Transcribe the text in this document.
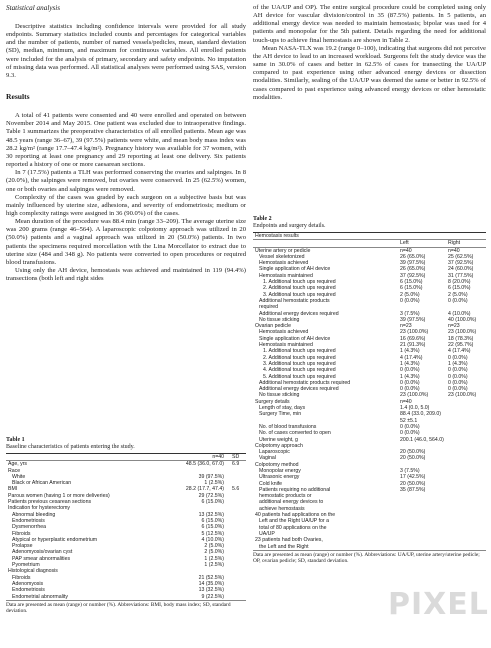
Statistical analysis

Descriptive statistics including confidence intervals were provided for all study endpoints. Summary statistics included counts and percentages for categorical variables and the number of patients, number of named vessels/pedicles, mean, standard deviation (SD), median, minimum, and maximum for continuous variables. All enrolled patients were included for the analysis of primary, secondary and safety endpoints. No imputation of missing data was performed. All statistical analyses were performed using SAS, version 9.3.

Results

A total of 41 patients were consented and 40 were enrolled and operated on between November 2014 and May 2015. One patient was excluded due to intraoperative findings. Table 1 summarizes the preoperative characteristics of all enrolled patients. Mean age was 48.5 years (range 36–67), 39 (97.5%) patients were white, and mean body mass index was 28.2 kg/m² (range 17.7–47.4 kg/m²). Pregnancy history was available for 37 women, with 30 reporting at least one pregnancy and 29 reporting at least one delivery. Six patients reported a history of one or more caesarean sections.

In 7 (17.5%) patients a TLH was performed conserving the ovaries and salpinges. In 8 (20.0%), the salpinges were removed, but ovaries were conserved. In 25 (62.5%) women, one or both ovaries and salpinges were removed.

Complexity of the cases was graded by each surgeon on a subjective basis but was mainly influenced by uterine size, adhesions, and severity of endometriosis; medium or high complexity ratings were assigned in 36 (90.0%) of the cases.

Mean duration of the procedure was 88.4 min (range 33–209). The average uterine size was 200 grams (range 46–564). A laparoscopic colpotomy approach was utilized in 20 (50.0%) patients and a vaginal approach was utilized in 20 (50.0%) patients. In two patients the specimens required morcellation with the Lina Morcellator to extract due to uterine size (484 and 348 g). No patients were converted to open procedures or required blood transfusions.

Using only the AH device, hemostasis was achieved and maintained in 119 (94.4%) transections (both left and right sides

of the UA/UP and OP). The entire surgical procedure could be completed using only AH device for vascular division/control in 35 (87.5%) patients. In 5 patients, an additional energy device was needed to maintain hemostasis; bipolar was used for 4 patients and monopolar for the 5th patient. Details regarding the need for additional touch-ups to achieve final hemostasis are shown in Table 2.

Mean NASA-TLX was 19.2 (range 0–100), indicating that surgeons did not perceive the AH device to lead to an increased workload. Surgeons felt the study device was the same in 30.0% of cases and better in 62.5% of cases for transecting the UA/UP compared to past experience using other advanced energy devices or dissection modalities. Similarly, sealing of the UA/UP was deemed the same or better in 92.5% of cases compared to past experience using advanced energy devices or other hemostatic modalities.

Table 1
Baseline characteristics of patients entering the study.

	n=40	SD
Age, yrs	48.5 (36.0, 67.0)	6.9
Race		
White	39 (97.5%)	
Black or African American	1 (2.5%)	
BMI	28.2 (17.7, 47.4)	5.6
Parous women (having 1 or more deliveries)	29 (72.5%)	
Patients previous cesarean sections	6 (15.0%)	
Indication for hysterectomy		
Abnormal bleeding	13 (32.5%)	
Endometriosis	6 (15.0%)	
Dysmenorrhea	6 (15.0%)	
Fibroids	5 (12.5%)	
Atypical or hyperplastic endometrium	4 (10.0%)	
Prolapse	2 (5.0%)	
Adenomyosis/ovarian cyst	2 (5.0%)	
PAP smear abnormalities	1 (2.5%)	
Pyometrium	1 (2.5%)	
Histological diagnosis		
Fibroids	21 (52.5%)	
Adenomyosis	14 (35.0%)	
Endometriosis	13 (32.5%)	
Endometrial abnormality	9 (22.5%)	

Data are presented as mean (range) or number (%). Abbreviations: BMI, body mass index; SD, standard deviation.

Table 2
Endpoints and surgery details.

Hemostasis results		
	Left	Right
Uterine artery or pedicle	n=40	n=40
Vessel skeletonized	26 (65.0%)	25 (62.5%)
Hemostasis achieved	39 (97.5%)	37 (92.5%)
Single application of AH device	26 (65.0%)	24 (60.0%)
Hemostasis maintained	37 (92.5%)	31 (77.5%)
1. Additional touch ups required	6 (15.0%)	8 (20.0%)
2. Additional touch ups required	6 (15.0%)	6 (15.0%)
3. Additional touch ups required	2 (5.0%)	2 (5.0%)
Additional hemostatic products	0 (0.0%)	0 (0.0%)

required		
Additional energy devices required	3 (7.5%)	4 (10.0%)
No tissue sticking	39 (97.5%)	40 (100.0%)
Ovarian pedicle	n=23	n=23
Hemostasis achieved	23 (100.0%)	23 (100.0%)
Single application of AH device	16 (69.6%)	18 (78.3%)
Hemostasis maintained	21 (91.3%)	22 (95.7%)
1. Additional touch ups required	1 (4.3%)	4 (17.4%)
2. Additional touch ups required	4 (17.4%)	0 (0.0%)
3. Additional touch ups required	1 (4.3%)	1 (4.3%)
4. Additional touch ups required	0 (0.0%)	0 (0.0%)
5. Additional touch ups required	1 (4.3%)	0 (0.0%)
Additional hemostatic products required	0 (0.0%)	0 (0.0%)
Additional energy devices required	0 (0.0%)	0 (0.0%)
No tissue sticking	23 (100.0%)	23 (100.0%)
Surgery details	n=40	
Length of stay, days	1.4 (0.0, 5.0)	
Surgery Time, min	88.4 (33.0, 209.0)	
	52 ±5.1	
No. of blood transfusions	0 (0.0%)	
No. of cases converted to open	0 (0.0%)	
Uterine weight, g	200.1 (46.0, 564.0)	
Colpotomy approach		
Laparoscopic	20 (50.0%)	
Vaginal	20 (50.0%)	
Colpotomy method		
Monopolar energy	3 (7.5%)	
Ultrasonic energy	17 (42.5%)	
Cold knife	20 (50.0%)	
Patients requiring no additional	35 (87.5%)	
hemostatic products or		
additional energy devices to		
achieve hemostasis		
40 patients had applications on the		
Left and the Right UA/UP for a		
total of 80 applications on the		
UA/UP		
23 patients had both Ovaries,		
the Left and the Right		

Data are presented as mean (range) or number (%). Abbreviations: UA/UP, uterine artery/uterine pedicle; OP, ovarian pedicle; SD, standard deviation.

PIXEL
